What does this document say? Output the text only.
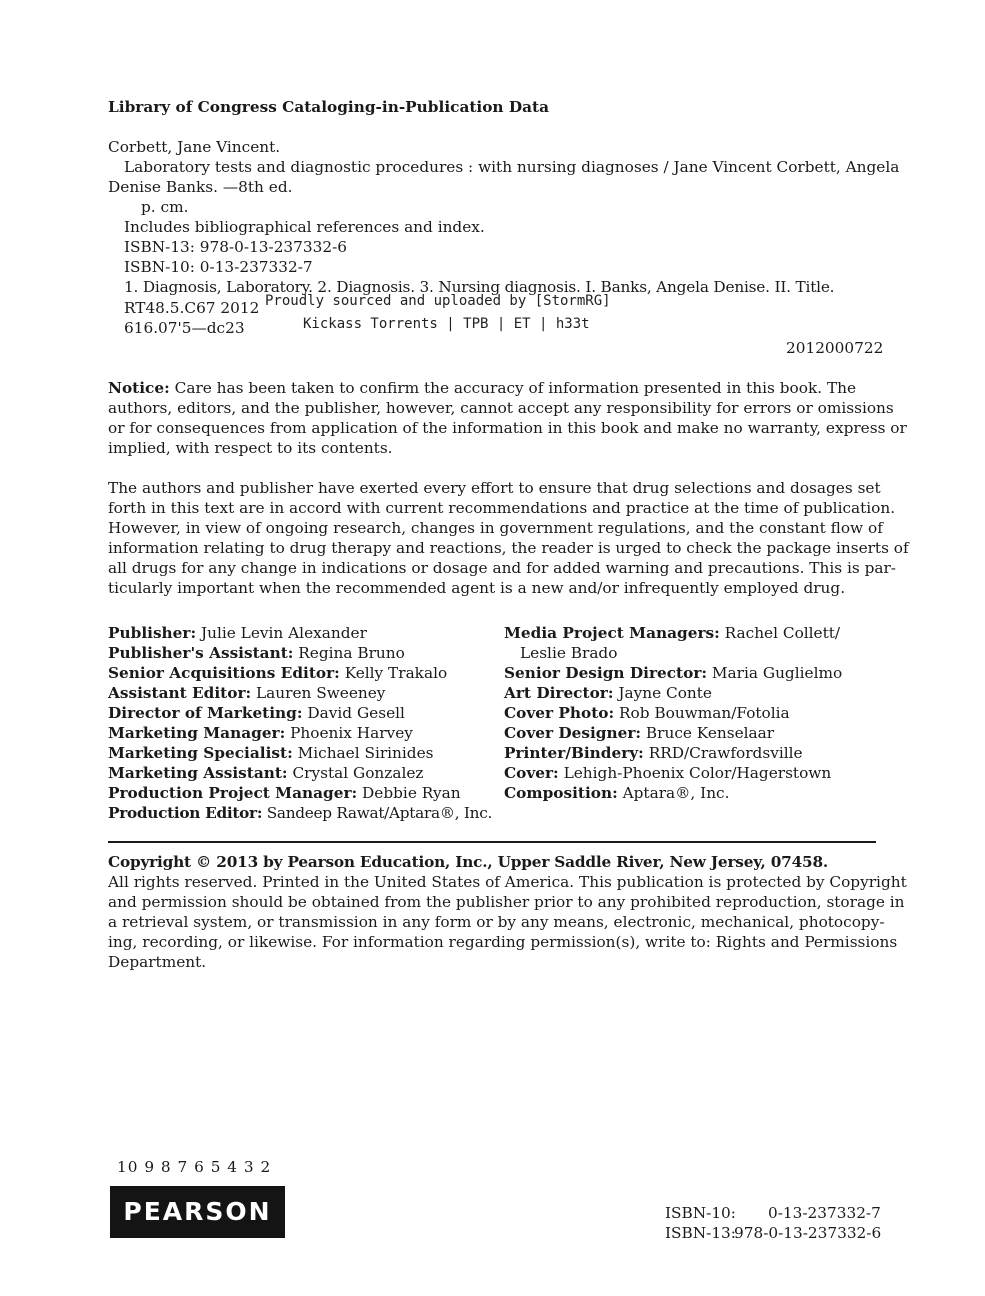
Library of Congress Cataloging-in-Publication Data
Corbett, Jane Vincent.
Laboratory tests and diagnostic procedures : with nursing diagnoses / Jane Vincent Corbett, Angela
Denise Banks. —8th ed.
p. cm.
Includes bibliographical references and index.
ISBN-13: 978-0-13-237332-6
ISBN-10: 0-13-237332-7
1. Diagnosis, Laboratory. 2. Diagnosis. 3. Nursing diagnosis. I. Banks, Angela Denise. II. Title.
RT48.5.C67 2012
616.07'5—dc23
2012000722
Proudly sourced and uploaded by [StormRG]
Kickass Torrents | TPB | ET | h33t
Notice: Care has been taken to confirm the accuracy of information presented in this book. The
authors, editors, and the publisher, however, cannot accept any responsibility for errors or omissions
or for consequences from application of the information in this book and make no warranty, express or
implied, with respect to its contents.
The authors and publisher have exerted every effort to ensure that drug selections and dosages set
forth in this text are in accord with current recommendations and practice at the time of publication.
However, in view of ongoing research, changes in government regulations, and the constant flow of
information relating to drug therapy and reactions, the reader is urged to check the package inserts of
all drugs for any change in indications or dosage and for added warning and precautions. This is par-
ticularly important when the recommended agent is a new and/or infrequently employed drug.
Publisher: Julie Levin Alexander
Publisher's Assistant: Regina Bruno
Senior Acquisitions Editor: Kelly Trakalo
Assistant Editor: Lauren Sweeney
Director of Marketing: David Gesell
Marketing Manager: Phoenix Harvey
Marketing Specialist: Michael Sirinides
Marketing Assistant: Crystal Gonzalez
Production Project Manager: Debbie Ryan
Production Editor: Sandeep Rawat/Aptara®, Inc.
Media Project Managers: Rachel Collett/
Leslie Brado
Senior Design Director: Maria Guglielmo
Art Director: Jayne Conte
Cover Photo: Rob Bouwman/Fotolia
Cover Designer: Bruce Kenselaar
Printer/Bindery: RRD/Crawfordsville
Cover: Lehigh-Phoenix Color/Hagerstown
Composition: Aptara®, Inc.
Copyright © 2013 by Pearson Education, Inc., Upper Saddle River, New Jersey, 07458.
All rights reserved. Printed in the United States of America. This publication is protected by Copyright
and permission should be obtained from the publisher prior to any prohibited reproduction, storage in
a retrieval system, or transmission in any form or by any means, electronic, mechanical, photocopy-
ing, recording, or likewise. For information regarding permission(s), write to: Rights and Permissions
Department.
10 9 8 7 6 5 4 3 2
PEARSON	ISBN-10: 0-13-237332-7
ISBN-13:
978-0-13-237332-6
